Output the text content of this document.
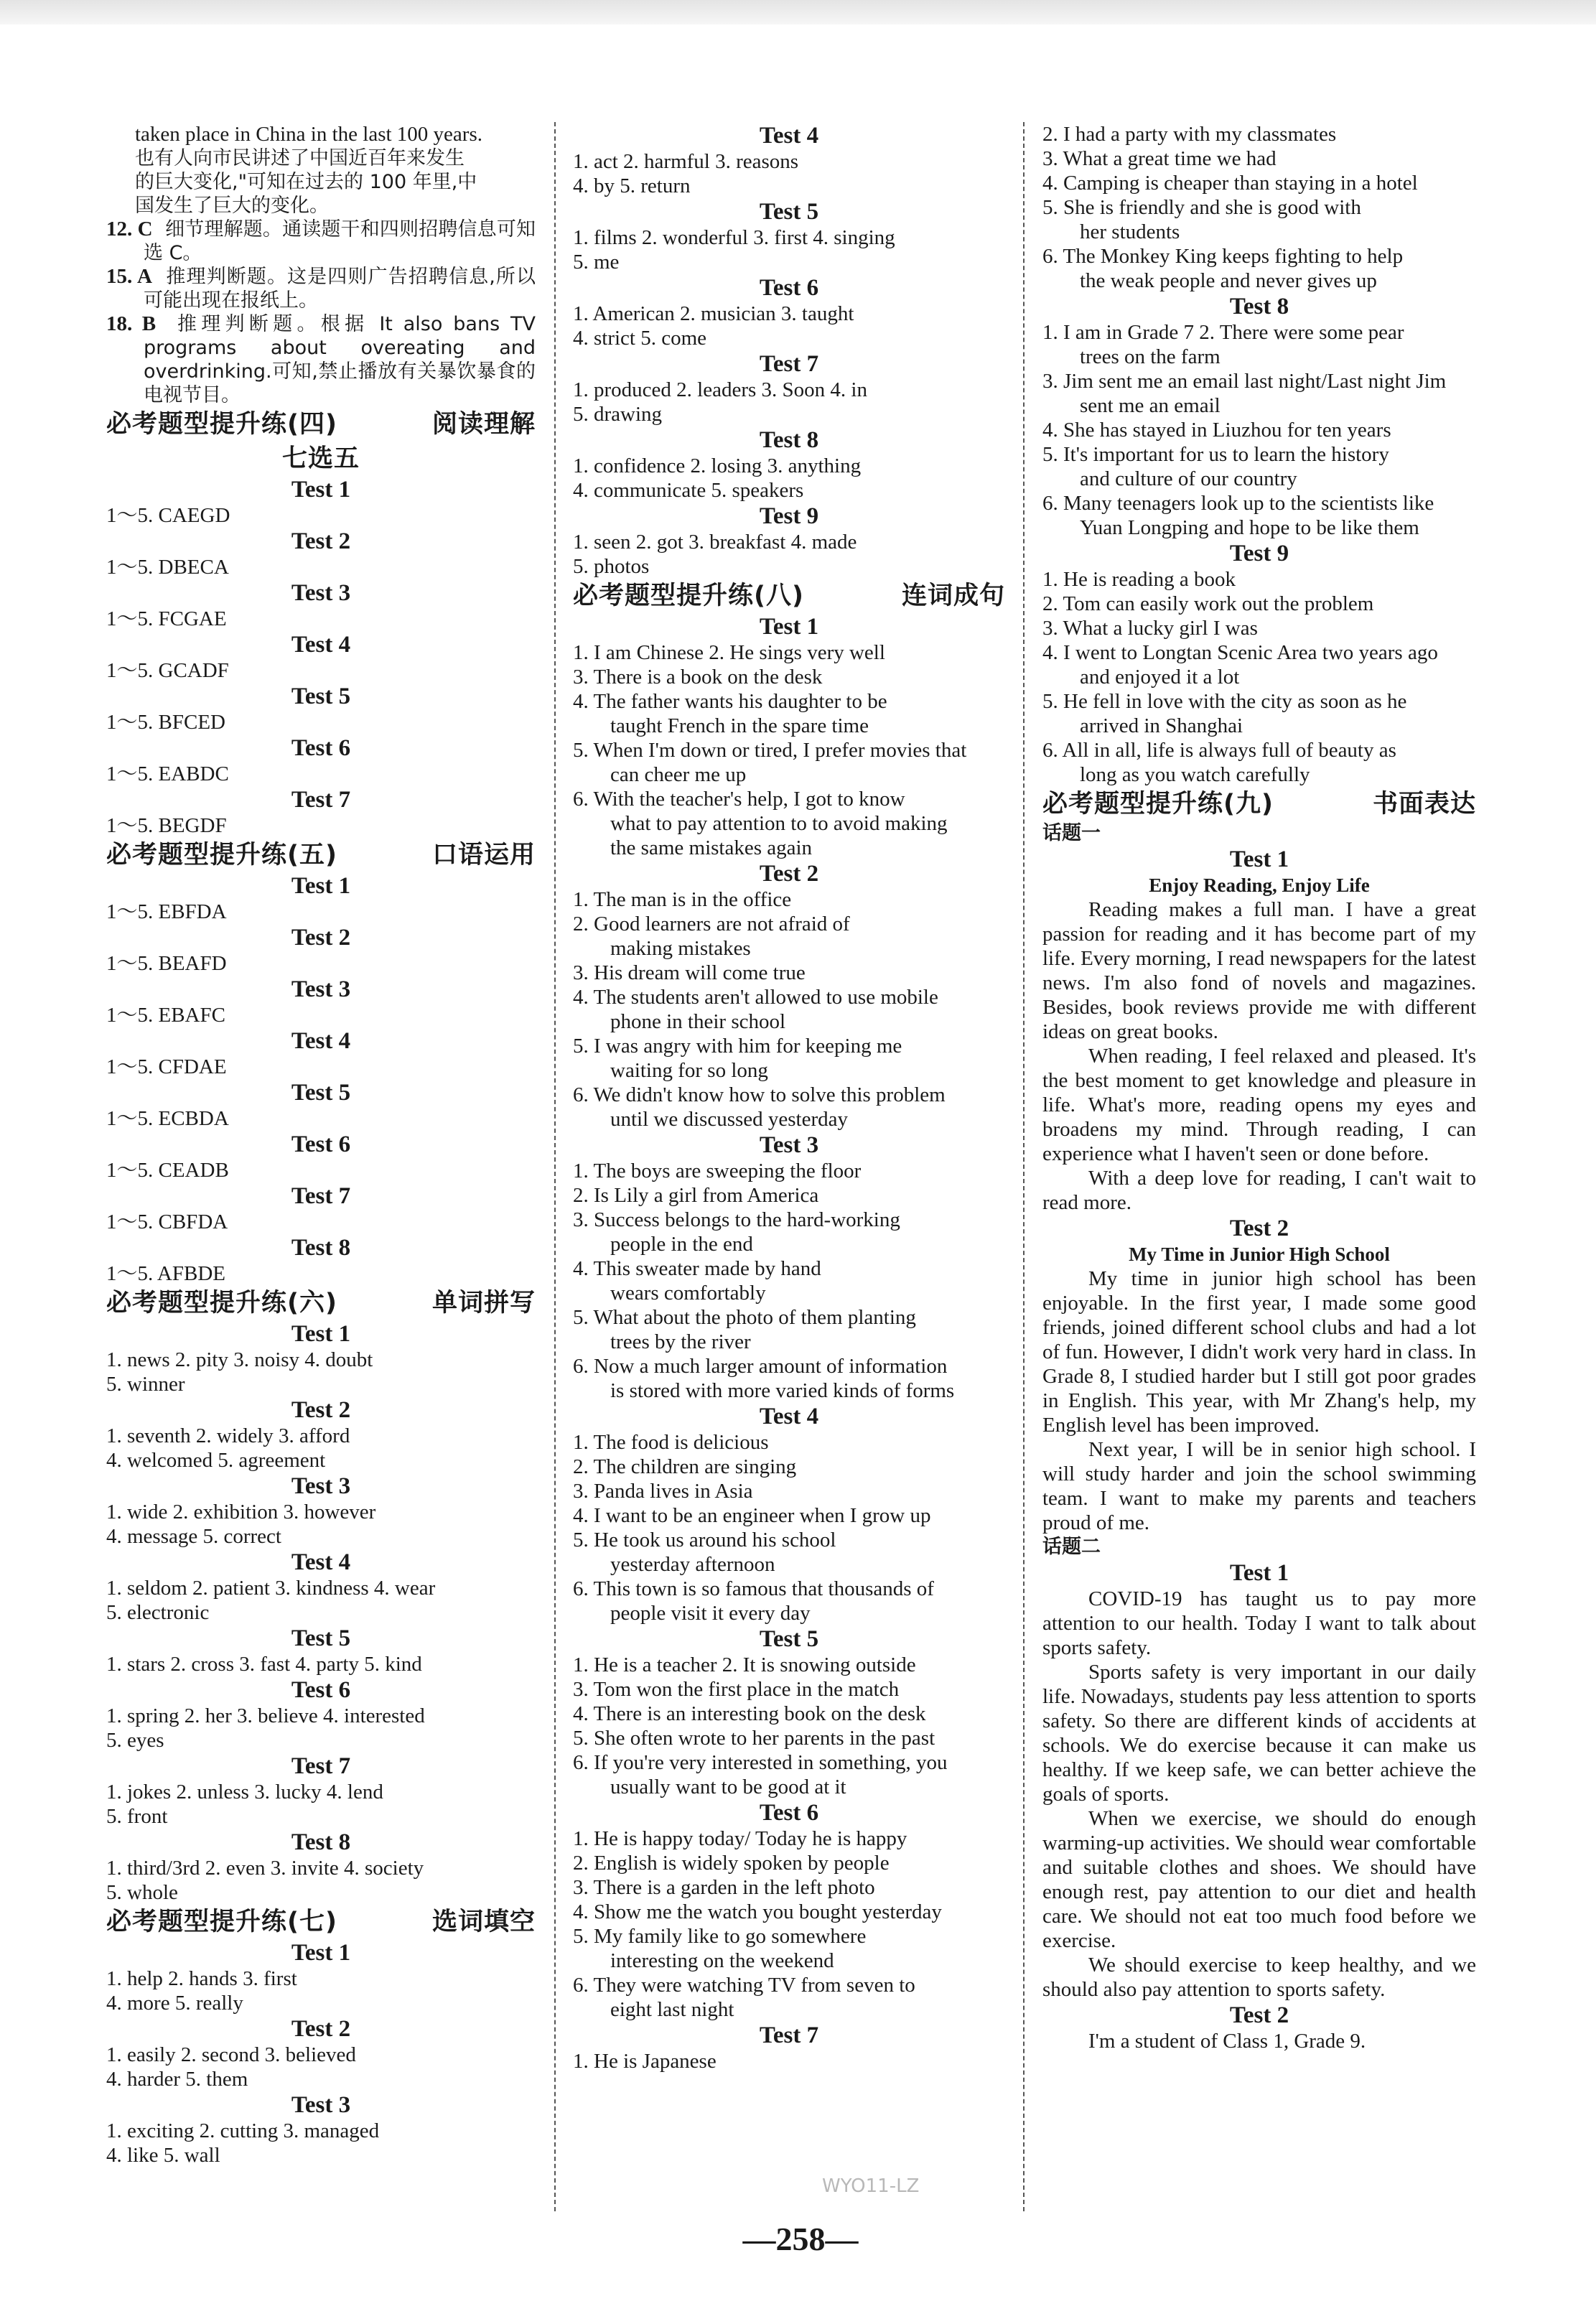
taken place in China in the last 100 years.
也有人向市民讲述了中国近百年来发生
的巨大变化,"可知在过去的 100 年里,中
国发生了巨大的变化。
12. C 细节理解题。通读题干和四则招聘信息可知选 C。
15. A 推理判断题。这是四则广告招聘信息,所以可能出现在报纸上。
18. B 推理判断题。根据 It also bans TV programs about overeating and overdrinking.可知,禁止播放有关暴饮暴食的电视节目。
必考题型提升练(四)	阅读理解
七选五
Test 1
1～5. CAEGD
Test 2
1～5. DBECA
Test 3
1～5. FCGAE
Test 4
1～5. GCADF
Test 5
1～5. BFCED
Test 6
1～5. EABDC
Test 7
1～5. BEGDF
必考题型提升练(五)	口语运用
Test 1
1～5. EBFDA
Test 2
1～5. BEAFD
Test 3
1～5. EBAFC
Test 4
1～5. CFDAE
Test 5
1～5. ECBDA
Test 6
1～5. CEADB
Test 7
1～5. CBFDA
Test 8
1～5. AFBDE
必考题型提升练(六)	单词拼写
Test 1
1. news 2. pity 3. noisy 4. doubt
5. winner
Test 2
1. seventh 2. widely 3. afford
4. welcomed 5. agreement
Test 3
1. wide 2. exhibition 3. however
4. message 5. correct
Test 4
1. seldom 2. patient 3. kindness 4. wear
5. electronic
Test 5
1. stars 2. cross 3. fast 4. party 5. kind
Test 6
1. spring 2. her 3. believe 4. interested
5. eyes
Test 7
1. jokes 2. unless 3. lucky 4. lend
5. front
Test 8
1. third/3rd 2. even 3. invite 4. society
5. whole
必考题型提升练(七)	选词填空
Test 1
1. help 2. hands 3. first
4. more 5. really
Test 2
1. easily 2. second 3. believed
4. harder 5. them
Test 3
1. exciting 2. cutting 3. managed
4. like 5. wall
Test 4
1. act 2. harmful 3. reasons
4. by 5. return
Test 5
1. films 2. wonderful 3. first 4. singing
5. me
Test 6
1. American 2. musician 3. taught
4. strict 5. come
Test 7
1. produced 2. leaders 3. Soon 4. in
5. drawing
Test 8
1. confidence 2. losing 3. anything
4. communicate 5. speakers
Test 9
1. seen 2. got 3. breakfast 4. made
5. photos
必考题型提升练(八)	连词成句
Test 1
1. I am Chinese 2. He sings very well
3. There is a book on the desk
4. The father wants his daughter to be
taught French in the spare time
5. When I'm down or tired, I prefer movies that
can cheer me up
6. With the teacher's help, I got to know
what to pay attention to to avoid making
the same mistakes again
Test 2
1. The man is in the office
2. Good learners are not afraid of
making mistakes
3. His dream will come true
4. The students aren't allowed to use mobile
phone in their school
5. I was angry with him for keeping me
waiting for so long
6. We didn't know how to solve this problem
until we discussed yesterday
Test 3
1. The boys are sweeping the floor
2. Is Lily a girl from America
3. Success belongs to the hard-working
people in the end
4. This sweater made by hand
wears comfortably
5. What about the photo of them planting
trees by the river
6. Now a much larger amount of information
is stored with more varied kinds of forms
Test 4
1. The food is delicious
2. The children are singing
3. Panda lives in Asia
4. I want to be an engineer when I grow up
5. He took us around his school
yesterday afternoon
6. This town is so famous that thousands of
people visit it every day
Test 5
1. He is a teacher 2. It is snowing outside
3. Tom won the first place in the match
4. There is an interesting book on the desk
5. She often wrote to her parents in the past
6. If you're very interested in something, you
usually want to be good at it
Test 6
1. He is happy today/ Today he is happy
2. English is widely spoken by people
3. There is a garden in the left photo
4. Show me the watch you bought yesterday
5. My family like to go somewhere
interesting on the weekend
6. They were watching TV from seven to
eight last night
Test 7
1. He is Japanese
2. I had a party with my classmates
3. What a great time we had
4. Camping is cheaper than staying in a hotel
5. She is friendly and she is good with
her students
6. The Monkey King keeps fighting to help
the weak people and never gives up
Test 8
1. I am in Grade 7 2. There were some pear
trees on the farm
3. Jim sent me an email last night/Last night Jim
sent me an email
4. She has stayed in Liuzhou for ten years
5. It's important for us to learn the history
and culture of our country
6. Many teenagers look up to the scientists like
Yuan Longping and hope to be like them
Test 9
1. He is reading a book
2. Tom can easily work out the problem
3. What a lucky girl I was
4. I went to Longtan Scenic Area two years ago
and enjoyed it a lot
5. He fell in love with the city as soon as he
arrived in Shanghai
6. All in all, life is always full of beauty as
long as you watch carefully
必考题型提升练(九)	书面表达
话题一
Test 1
Enjoy Reading, Enjoy Life
Reading makes a full man. I have a great passion for reading and it has become part of my life. Every morning, I read newspapers for the latest news. I'm also fond of novels and magazines. Besides, book reviews provide me with different ideas on great books.
When reading, I feel relaxed and pleased. It's the best moment to get knowledge and pleasure in life. What's more, reading opens my eyes and broadens my mind. Through reading, I can experience what I haven't seen or done before.
With a deep love for reading, I can't wait to read more.
Test 2
My Time in Junior High School
My time in junior high school has been enjoyable. In the first year, I made some good friends, joined different school clubs and had a lot of fun. However, I didn't work very hard in class. In Grade 8, I studied harder but I still got poor grades in English. This year, with Mr Zhang's help, my English level has been improved.
Next year, I will be in senior high school. I will study harder and join the school swimming team. I want to make my parents and teachers proud of me.
话题二
Test 1
COVID-19 has taught us to pay more attention to our health. Today I want to talk about sports safety.
Sports safety is very important in our daily life. Nowadays, students pay less attention to sports safety. So there are different kinds of accidents at schools. We do exercise because it can make us healthy. If we keep safe, we can better achieve the goals of sports.
When we exercise, we should do enough warming-up activities. We should wear comfortable and suitable clothes and shoes. We should have enough rest, pay attention to our diet and health care. We should not eat too much food before we exercise.
We should exercise to keep healthy, and we should also pay attention to sports safety.
Test 2
I'm a student of Class 1, Grade 9.
WYO11-LZ
—258—
